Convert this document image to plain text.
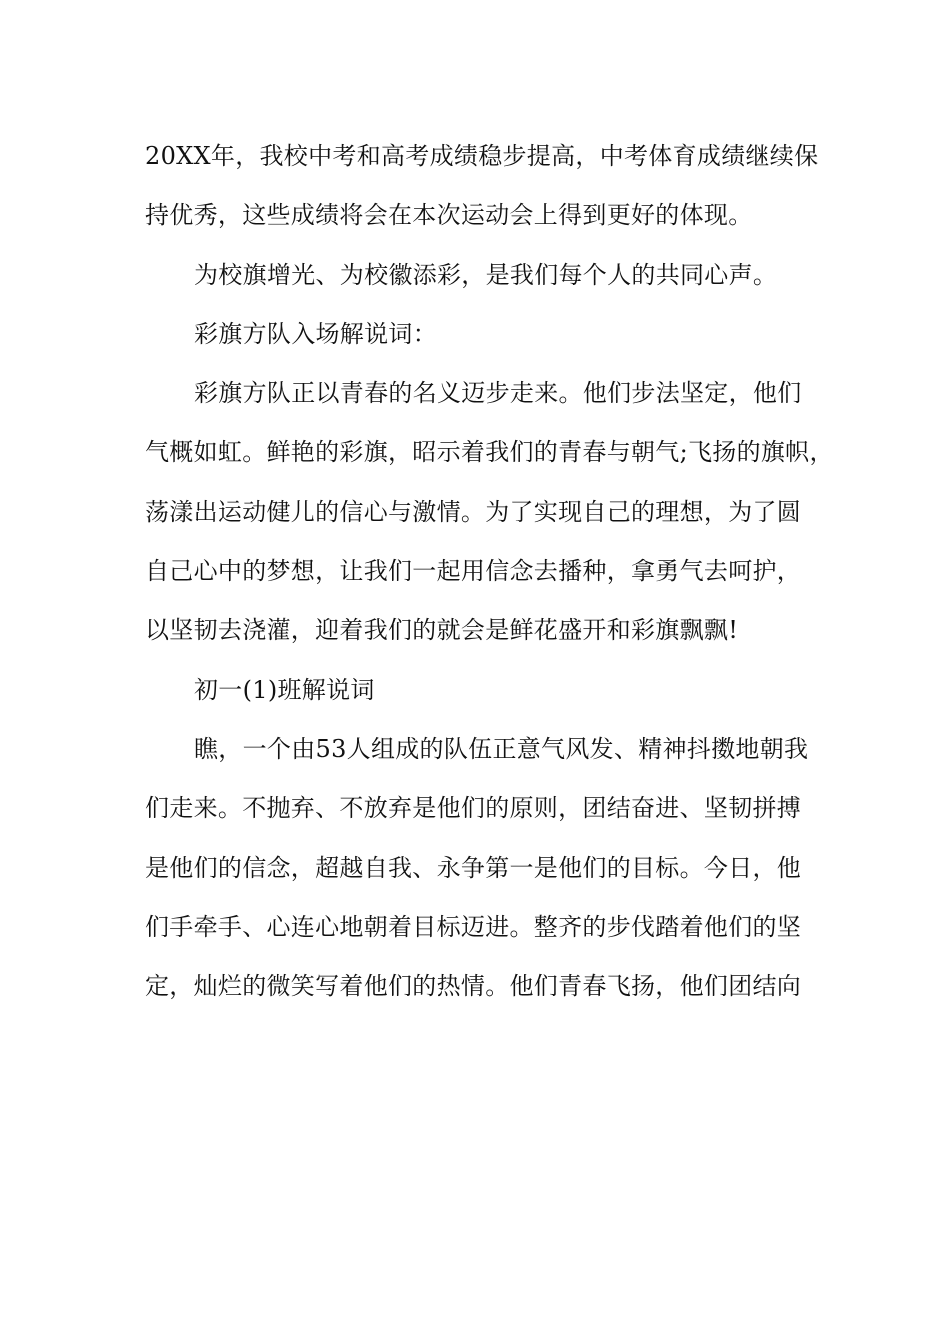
20XX年，我校中考和高考成绩稳步提高，中考体育成绩继续保
持优秀，这些成绩将会在本次运动会上得到更好的体现。
为校旗增光、为校徽添彩，是我们每个人的共同心声。
彩旗方队入场解说词：
彩旗方队正以青春的名义迈步走来。他们步法坚定，他们
气概如虹。鲜艳的彩旗，昭示着我们的青春与朝气;飞扬的旗帜，
荡漾出运动健儿的信心与激情。为了实现自己的理想，为了圆
自己心中的梦想，让我们一起用信念去播种，拿勇气去呵护，
以坚韧去浇灌，迎着我们的就会是鲜花盛开和彩旗飘飘!
初一(1)班解说词
瞧，一个由53人组成的队伍正意气风发、精神抖擞地朝我
们走来。不抛弃、不放弃是他们的原则，团结奋进、坚韧拼搏
是他们的信念，超越自我、永争第一是他们的目标。今日，他
们手牵手、心连心地朝着目标迈进。整齐的步伐踏着他们的坚
定，灿烂的微笑写着他们的热情。他们青春飞扬，他们团结向
